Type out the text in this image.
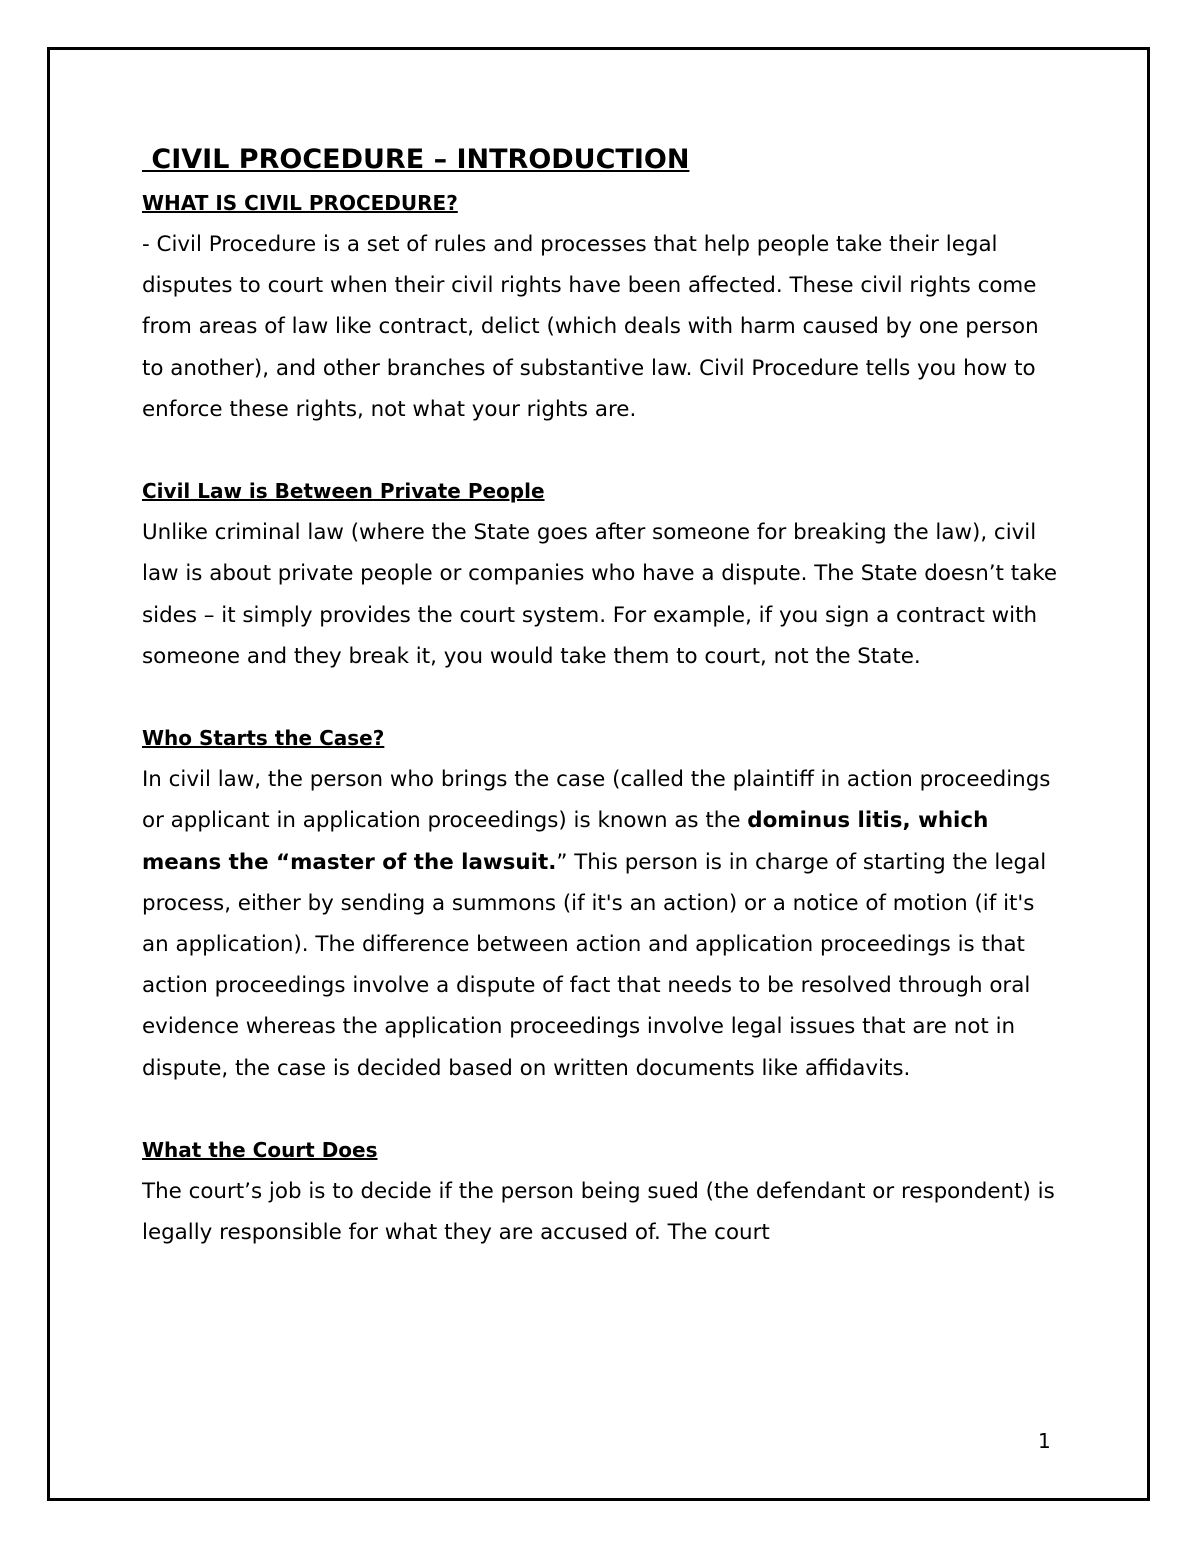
CIVIL PROCEDURE – INTRODUCTION
WHAT IS CIVIL PROCEDURE?

- Civil Procedure is a set of rules and processes that help people take their legal disputes to court when their civil rights have been affected. These civil rights come from areas of law like contract, delict (which deals with harm caused by one person to another), and other branches of substantive law. Civil Procedure tells you how to enforce these rights, not what your rights are.

Civil Law is Between Private People

Unlike criminal law (where the State goes after someone for breaking the law), civil law is about private people or companies who have a dispute. The State doesn’t take sides – it simply provides the court system. For example, if you sign a contract with someone and they break it, you would take them to court, not the State.

Who Starts the Case?

In civil law, the person who brings the case (called the plaintiff in action proceedings or applicant in application proceedings) is known as the dominus litis, which means the “master of the lawsuit.” This person is in charge of starting the legal process, either by sending a summons (if it's an action) or a notice of motion (if it's an application). The difference between action and application proceedings is that action proceedings involve a dispute of fact that needs to be resolved through oral evidence whereas the application proceedings involve legal issues that are not in dispute, the case is decided based on written documents like affidavits.

What the Court Does

The court’s job is to decide if the person being sued (the defendant or respondent) is legally responsible for what they are accused of. The court

1
